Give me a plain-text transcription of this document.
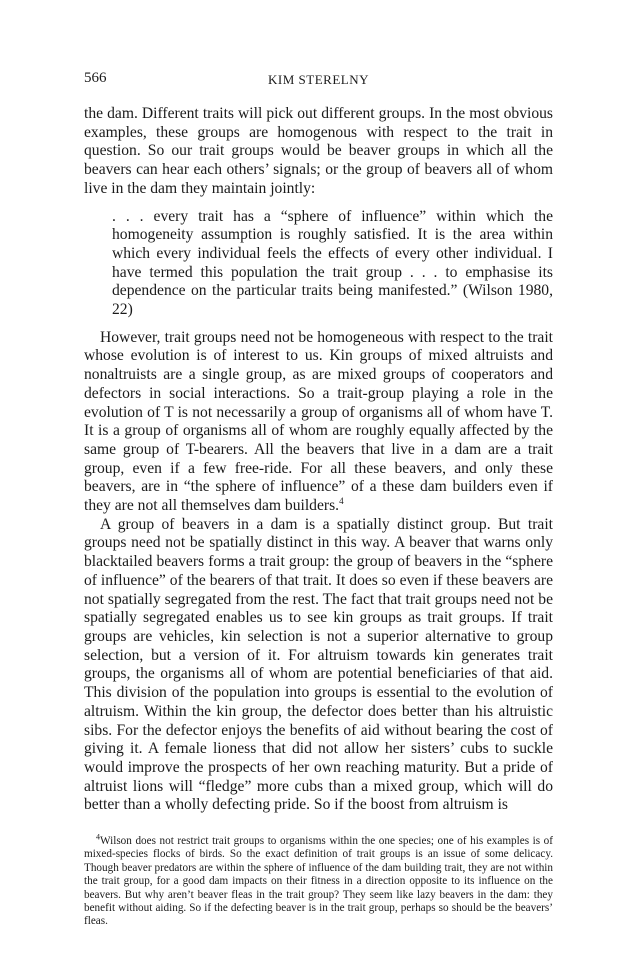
566	KIM STERELNY

the dam. Different traits will pick out different groups. In the most obvious examples, these groups are homogenous with respect to the trait in question. So our trait groups would be beaver groups in which all the beavers can hear each others’ signals; or the group of beavers all of whom live in the dam they maintain jointly:

. . . every trait has a “sphere of influence” within which the homogeneity assumption is roughly satisfied. It is the area within which every individual feels the effects of every other individual. I have termed this population the trait group . . . to emphasise its dependence on the particular traits being manifested.” (Wilson 1980, 22)

However, trait groups need not be homogeneous with respect to the trait whose evolution is of interest to us. Kin groups of mixed altruists and nonaltruists are a single group, as are mixed groups of cooperators and defectors in social interactions. So a trait-group playing a role in the evolution of T is not necessarily a group of organisms all of whom have T. It is a group of organisms all of whom are roughly equally affected by the same group of T-bearers. All the beavers that live in a dam are a trait group, even if a few free-ride. For all these beavers, and only these beavers, are in “the sphere of influence” of a these dam builders even if they are not all themselves dam builders.$^4$

A group of beavers in a dam is a spatially distinct group. But trait groups need not be spatially distinct in this way. A beaver that warns only blacktailed beavers forms a trait group: the group of beavers in the “sphere of influence” of the bearers of that trait. It does so even if these beavers are not spatially segregated from the rest. The fact that trait groups need not be spatially segregated enables us to see kin groups as trait groups. If trait groups are vehicles, kin selection is not a superior alternative to group selection, but a version of it. For altruism towards kin generates trait groups, the organisms all of whom are potential beneficiaries of that aid. This division of the population into groups is essential to the evolution of altruism. Within the kin group, the defector does better than his altruistic sibs. For the defector enjoys the benefits of aid without bearing the cost of giving it. A female lioness that did not allow her sisters’ cubs to suckle would improve the prospects of her own reaching maturity. But a pride of altruist lions will “fledge” more cubs than a mixed group, which will do better than a wholly defecting pride. So if the boost from altruism is

$^4$Wilson does not restrict trait groups to organisms within the one species; one of his examples is of mixed-species flocks of birds. So the exact definition of trait groups is an issue of some delicacy. Though beaver predators are within the sphere of influence of the dam building trait, they are not within the trait group, for a good dam impacts on their fitness in a direction opposite to its influence on the beavers. But why aren’t beaver fleas in the trait group? They seem like lazy beavers in the dam: they benefit without aiding. So if the defecting beaver is in the trait group, perhaps so should be the beavers’ fleas.
